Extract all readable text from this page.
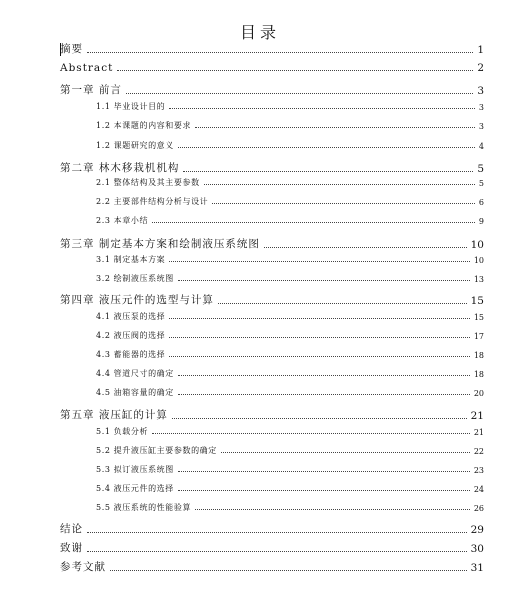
目录
摘要	1
Abstract	2
第一章 前言	3
1.1 毕业设计目的	3
1.2 本课题的内容和要求	3
1.2 课题研究的意义	4
第二章 林木移栽机机构	5
2.1 整体结构及其主要参数	5
2.2 主要部件结构分析与设计	6
2.3 本章小结	9
第三章 制定基本方案和绘制液压系统图	10
3.1 制定基本方案	10
3.2 绘制液压系统图	13
第四章 液压元件的选型与计算	15
4.1 液压泵的选择	15
4.2 液压阀的选择	17
4.3 蓄能器的选择	18
4.4 管道尺寸的确定	18
4.5 油箱容量的确定	20
第五章 液压缸的计算	21
5.1 负载分析	21
5.2 提升液压缸主要参数的确定	22
5.3 拟订液压系统图	23
5.4 液压元件的选择	24
5.5 液压系统的性能验算	26
结论	29
致谢	30
参考文献	31
